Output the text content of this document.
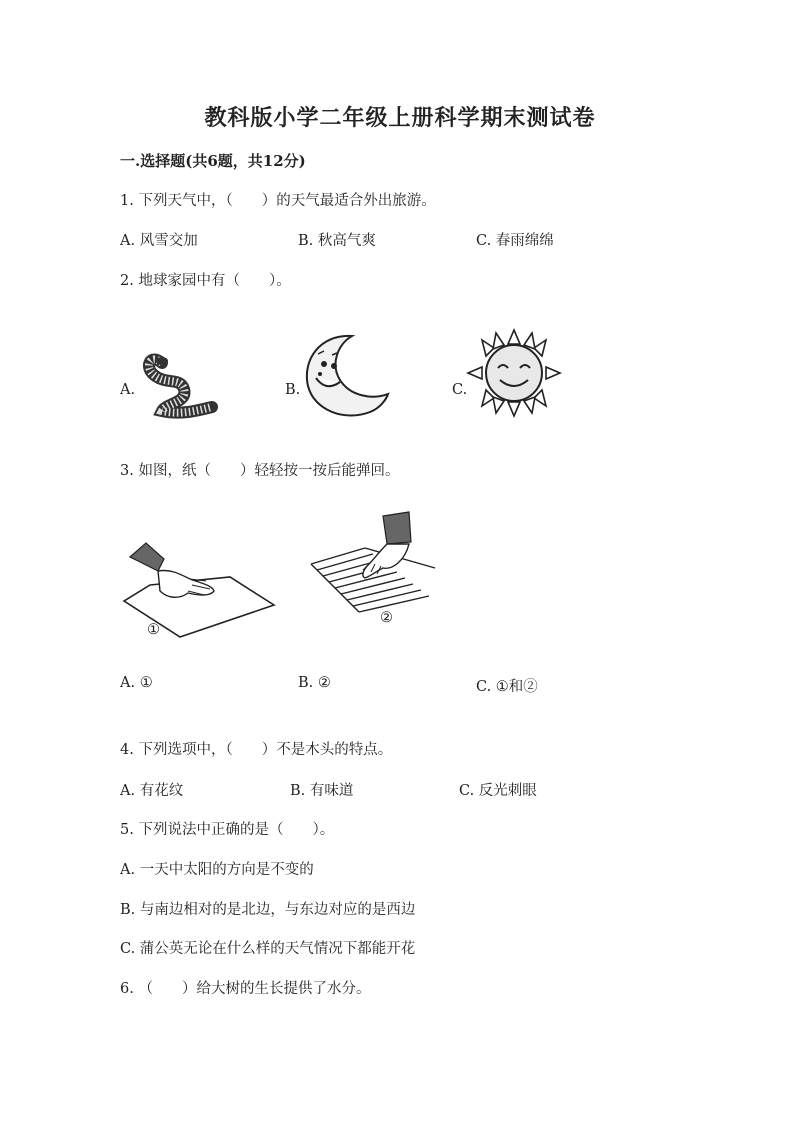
教科版小学二年级上册科学期末测试卷
一.选择题(共6题，共12分)
1. 下列天气中，（　　）的天气最适合外出旅游。
A. 风雪交加	B. 秋高气爽	C. 春雨绵绵
2. 地球家园中有（　　）。
A.	B.	C.
3. 如图，纸（　　）轻轻按一按后能弹回。
①
②
A. ①	B. ②	C. ①和②
4. 下列选项中，（　　）不是木头的特点。
A. 有花纹	B. 有味道	C. 反光刺眼
5. 下列说法中正确的是（　　）。
A. 一天中太阳的方向是不变的
B. 与南边相对的是北边，与东边对应的是西边
C. 蒲公英无论在什么样的天气情况下都能开花
6. （　　）给大树的生长提供了水分。
